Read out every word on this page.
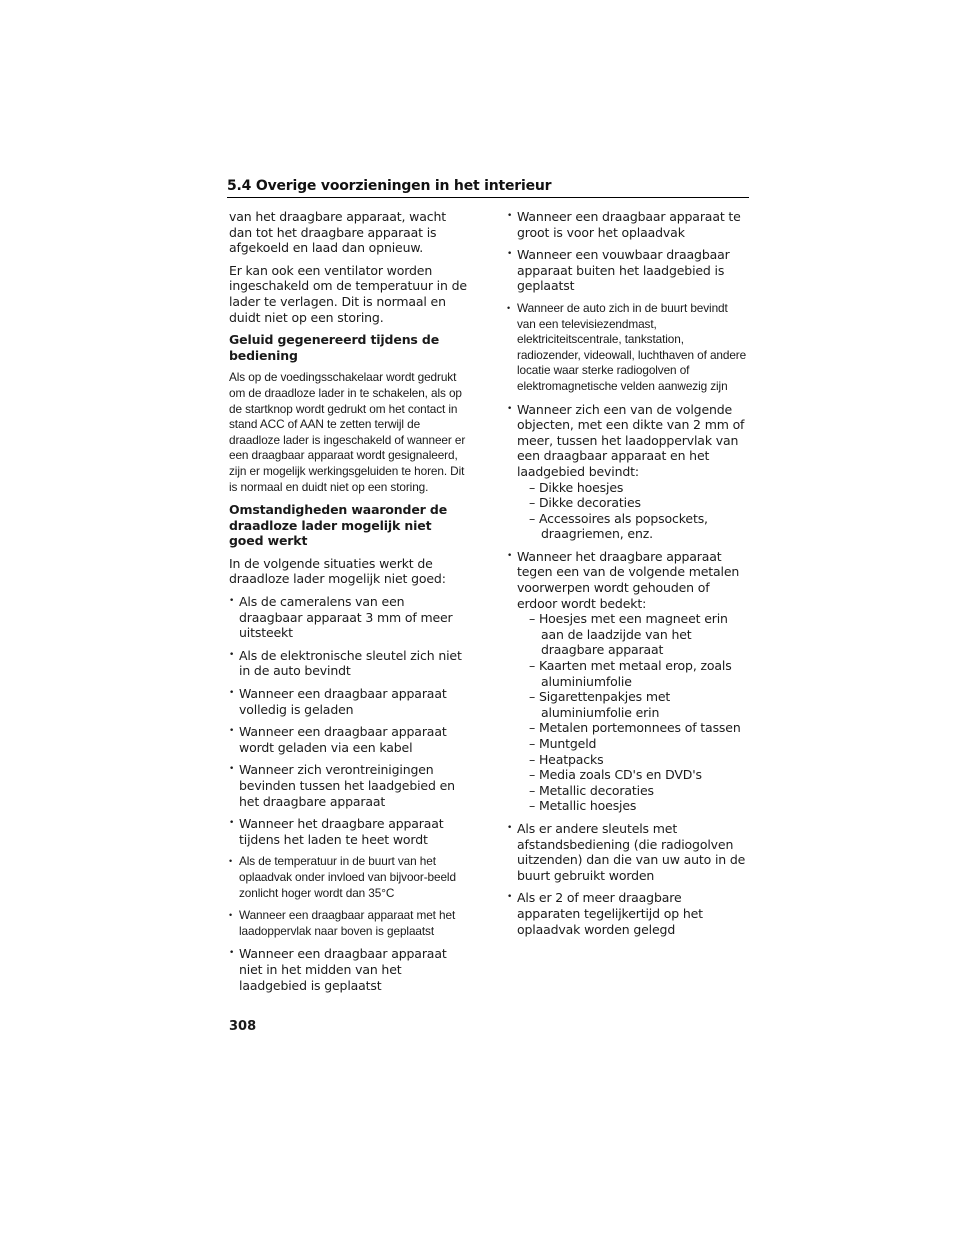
5.4 Overige voorzieningen in het interieur

van het draagbare apparaat, wacht dan tot het draagbare apparaat is afgekoeld en laad dan opnieuw.

Er kan ook een ventilator worden ingeschakeld om de temperatuur in de lader te verlagen. Dit is normaal en duidt niet op een storing.

Geluid gegenereerd tijdens de bediening

Als op de voedingsschakelaar wordt gedrukt om de draadloze lader in te schakelen, als op de startknop wordt gedrukt om het contact in stand ACC of AAN te zetten terwijl de draadloze lader is ingeschakeld of wanneer er een draagbaar apparaat wordt gesignaleerd, zijn er mogelijk werkingsgeluiden te horen. Dit is normaal en duidt niet op een storing.

Omstandigheden waaronder de draadloze lader mogelijk niet goed werkt

In de volgende situaties werkt de draadloze lader mogelijk niet goed:

• Als de cameralens van een draagbaar apparaat 3 mm of meer uitsteekt
• Als de elektronische sleutel zich niet in de auto bevindt
• Wanneer een draagbaar apparaat volledig is geladen
• Wanneer een draagbaar apparaat wordt geladen via een kabel
• Wanneer zich verontreinigingen bevinden tussen het laadgebied en het draagbare apparaat
• Wanneer het draagbare apparaat tijdens het laden te heet wordt
• Als de temperatuur in de buurt van het oplaadvak onder invloed van bijvoor-beeld zonlicht hoger wordt dan 35°C
• Wanneer een draagbaar apparaat met het laadoppervlak naar boven is geplaatst
• Wanneer een draagbaar apparaat niet in het midden van het laadgebied is geplaatst
• Wanneer een draagbaar apparaat te groot is voor het oplaadvak
• Wanneer een vouwbaar draagbaar apparaat buiten het laadgebied is geplaatst
• Wanneer de auto zich in de buurt bevindt van een televisiezendmast, elektriciteitscentrale, tankstation, radiozender, videowall, luchthaven of andere locatie waar sterke radiogolven of elektromagnetische velden aanwezig zijn
• Wanneer zich een van de volgende objecten, met een dikte van 2 mm of meer, tussen het laadoppervlak van een draagbaar apparaat en het laadgebied bevindt:
– Dikke hoesjes
– Dikke decoraties
– Accessoires als popsockets, draagriemen, enz.
• Wanneer het draagbare apparaat tegen een van de volgende metalen voorwerpen wordt gehouden of erdoor wordt bedekt:
– Hoesjes met een magneet erin aan de laadzijde van het draagbare apparaat
– Kaarten met metaal erop, zoals aluminiumfolie
– Sigarettenpakjes met aluminiumfolie erin
– Metalen portemonnees of tassen
– Muntgeld
– Heatpacks
– Media zoals CD's en DVD's
– Metallic decoraties
– Metallic hoesjes
• Als er andere sleutels met afstandsbediening (die radiogolven uitzenden) dan die van uw auto in de buurt gebruikt worden
• Als er 2 of meer draagbare apparaten tegelijkertijd op het oplaadvak worden gelegd
308
